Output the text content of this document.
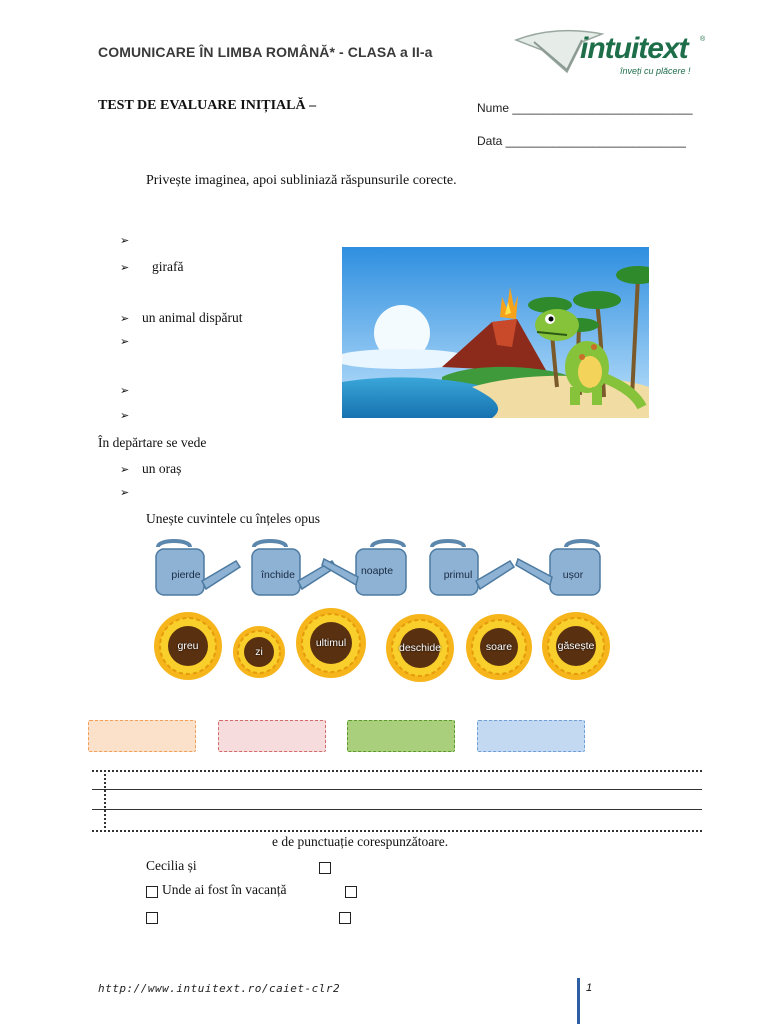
COMUNICARE ÎN LIMBA ROMÂNĂ* - CLASA a II-a	intuitext ®
înveți cu plăcere !
TEST DE EVALUARE INIȚIALĂ –	Nume ___________________________
Data ___________________________
Privește imaginea, apoi subliniază răspunsurile corecte.
➢
➢	girafă
➢ un animal dispărut
➢
➢
➢
În depărtare se vede
➢ un oraș
➢
Unește cuvintele cu înțeles opus
pierde	închide	noapte	primul	ușor
greu	zi
ultimul	deschide	soare	găsește
e de punctuație corespunzătoare.
Cecilia și
Unde ai fost în vacanță
http://www.intuitext.ro/caiet-clr2	1
